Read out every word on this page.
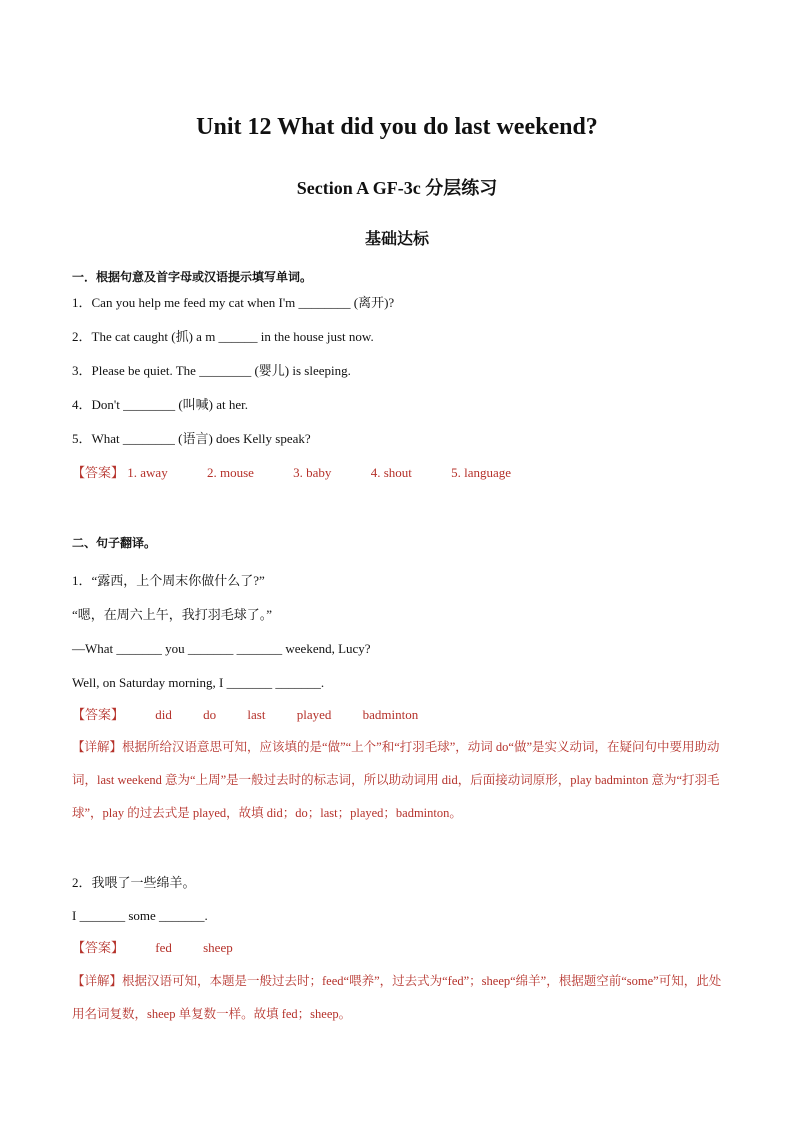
Unit 12 What did you do last weekend?
Section A GF-3c 分层练习
基础达标
一．根据句意及首字母或汉语提示填写单词。
1．Can you help me feed my cat when I'm ________ (离开)?
2．The cat caught (抓) a m ______ in the house just now.
3．Please be quiet. The ________ (婴儿) is sleeping.
4．Don't ________ (叫喊) at her.
5．What ________ (语言) does Kelly speak?
【答案】 1. away	2. mouse	3. baby	4. shout	5. language
二、句子翻译。
1．“露西，上个周末你做什么了?”
“嗯，在周六上午，我打羽毛球了。”
—What _______ you _______ _______ weekend, Lucy?
Well, on Saturday morning, I _______ _______.
【答案】 did do last played badminton
【详解】根据所给汉语意思可知，应该填的是“做”“上个”和“打羽毛球”，动词 do“做”是实义动词，在疑问句中要用助动词，last weekend 意为“上周”是一般过去时的标志词，所以助动词用 did，后面接动词原形，play badminton 意为“打羽毛球”，play 的过去式是 played，故填 did；do；last；played；badminton。
2．我喂了一些绵羊。
I _______ some _______.
【答案】 fed sheep
【详解】根据汉语可知，本题是一般过去时；feed“喂养”，过去式为“fed”；sheep“绵羊”，根据题空前“some”可知，此处用名词复数，sheep 单复数一样。故填 fed；sheep。
